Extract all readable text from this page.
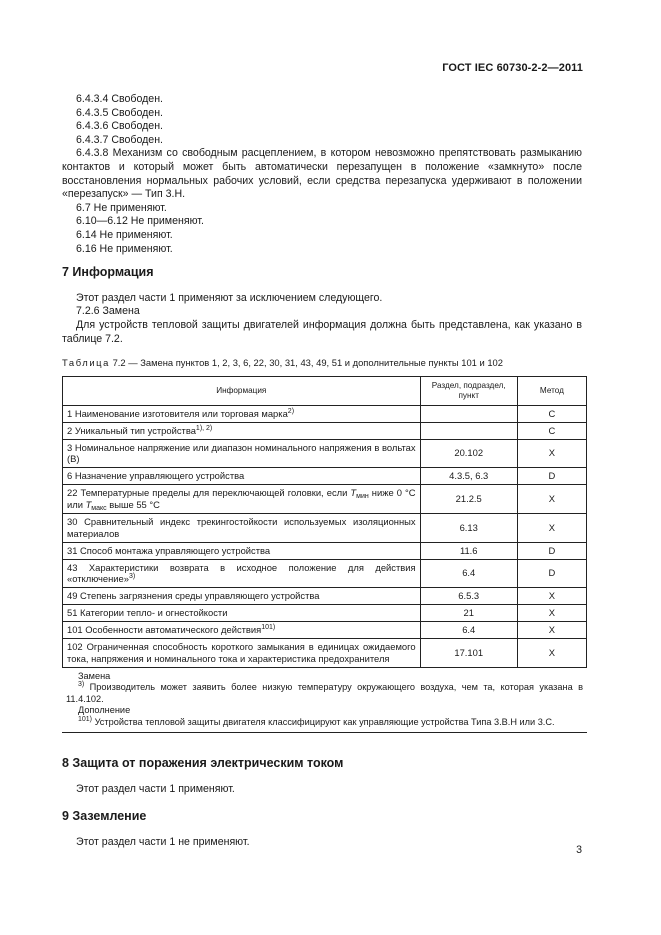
ГОСТ IEC 60730-2-2—2011

6.4.3.4 Свободен.

6.4.3.5 Свободен.

6.4.3.6 Свободен.

6.4.3.7 Свободен.

6.4.3.8 Механизм со свободным расцеплением, в котором невозможно препятствовать размыканию контактов и который может быть автоматически перезапущен в положение «замкнуто» после восстановления нормальных рабочих условий, если средства перезапуска удерживают в положении «перезапуск» — Тип 3.Н.

6.7 Не применяют.

6.10—6.12 Не применяют.

6.14 Не применяют.

6.16 Не применяют.

7 Информация

Этот раздел части 1 применяют за исключением следующего.

7.2.6 Замена

Для устройств тепловой защиты двигателей информация должна быть представлена, как указано в таблице 7.2.

Таблица 7.2 — Замена пунктов 1, 2, 3, 6, 22, 30, 31, 43, 49, 51 и дополнительные пункты 101 и 102
Информация	Раздел, подраздел, пункт	Метод
1 Наименование изготовителя или торговая марка$^{2)}$		C
2 Уникальный тип устройства$^{1), 2)}$		C
3 Номинальное напряжение или диапазон номинального напряжения в вольтах (В)	20.102	X
6 Назначение управляющего устройства	4.3.5, 6.3	D
22 Температурные пределы для переключающей головки, если $T_{мин}$ ниже 0 °С или $T_{макс}$ выше 55 °С	21.2.5	X
30 Сравнительный индекс трекингостойкости используемых изоляционных материалов	6.13	X
31 Способ монтажа управляющего устройства	11.6	D
43 Характеристики возврата в исходное положение для действия «отключение»$^{3)}$	6.4	D
49 Степень загрязнения среды управляющего устройства	6.5.3	X
51 Категории тепло- и огнестойкости	21	X
101 Особенности автоматического действия$^{101)}$	6.4	X
102 Ограниченная способность короткого замыкания в единицах ожидаемого тока, напряжения и номинального тока и характеристика предохранителя	17.101	X

Замена

$^{3)}$ Производитель может заявить более низкую температуру окружающего воздуха, чем та, которая указана в 11.4.102.

Дополнение

$^{101)}$ Устройства тепловой защиты двигателя классифицируют как управляющие устройства Типа 3.В.Н или 3.С.

8 Защита от поражения электрическим током

Этот раздел части 1 применяют.

9 Заземление

Этот раздел части 1 не применяют.

3
